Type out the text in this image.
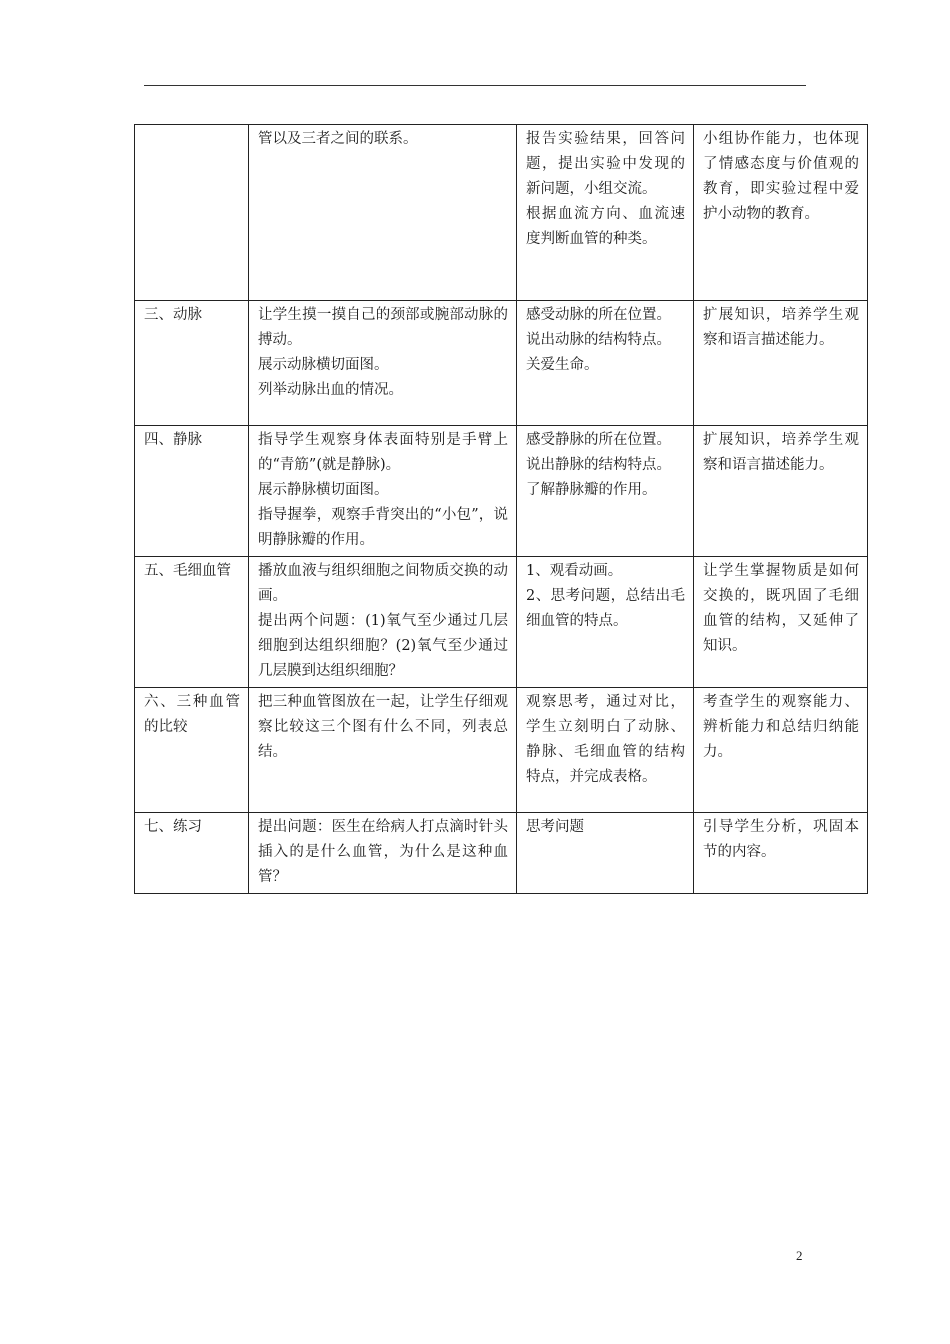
	管以及三者之间的联系。	报告实验结果，回答问题，提出实验中发现的新问题，小组交流。
根据血流方向、血流速度判断血管的种类。	小组协作能力，也体现了情感态度与价值观的教育，即实验过程中爱护小动物的教育。

三、动脉	让学生摸一摸自己的颈部或腕部动脉的搏动。
展示动脉横切面图。
列举动脉出血的情况。	感受动脉的所在位置。
说出动脉的结构特点。
关爱生命。	扩展知识，培养学生观察和语言描述能力。

四、静脉	指导学生观察身体表面特别是手臂上的“青筋”(就是静脉)。
展示静脉横切面图。
指导握拳，观察手背突出的“小包”，说明静脉瓣的作用。	感受静脉的所在位置。
说出静脉的结构特点。
了解静脉瓣的作用。	扩展知识，培养学生观察和语言描述能力。

五、毛细血管	播放血液与组织细胞之间物质交换的动画。
提出两个问题：(1)氧气至少通过几层细胞到达组织细胞？(2)氧气至少通过几层膜到达组织细胞？	1、观看动画。
2、思考问题，总结出毛细血管的特点。	让学生掌握物质是如何交换的，既巩固了毛细血管的结构，又延伸了知识。

六、三种血管的比较	把三种血管图放在一起，让学生仔细观察比较这三个图有什么不同，列表总结。	观察思考，通过对比，学生立刻明白了动脉、静脉、毛细血管的结构特点，并完成表格。	考查学生的观察能力、辨析能力和总结归纳能力。

七、练习	提出问题：医生在给病人打点滴时针头插入的是什么血管，为什么是这种血管？	思考问题	引导学生分析，巩固本节的内容。
2
